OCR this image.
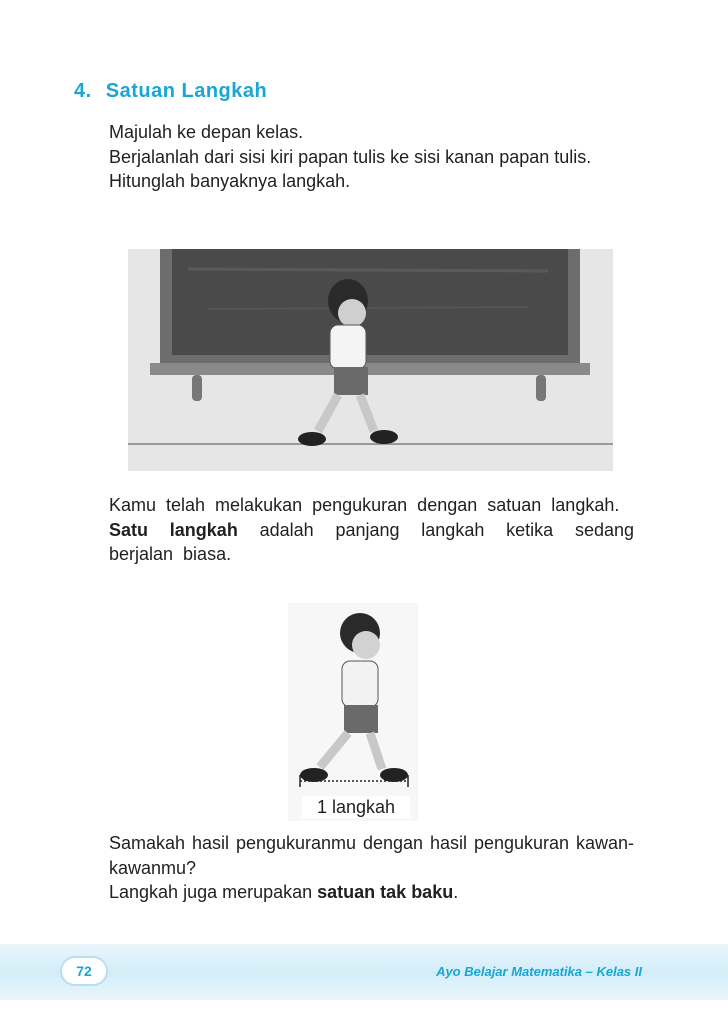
4. Satuan Langkah

Majulah ke depan kelas.

Berjalanlah dari sisi kiri papan tulis ke sisi kanan papan tulis.

Hitunglah banyaknya langkah.

Kamu telah melakukan pengukuran dengan satuan langkah.

Satu langkah adalah panjang langkah ketika sedang berjalan biasa.

1 langkah

Samakah hasil pengukuranmu dengan hasil pengukuran kawan-kawanmu?

Langkah juga merupakan satuan tak baku.

72	Ayo Belajar Matematika – Kelas II
